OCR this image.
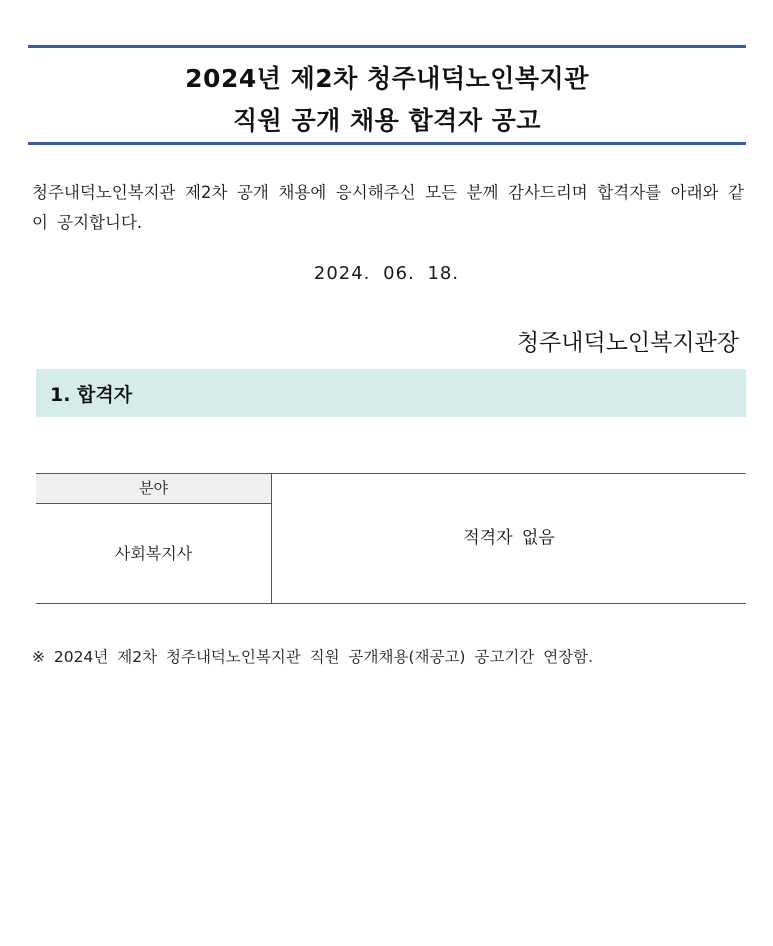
2024년 제2차 청주내덕노인복지관
직원 공개 채용 합격자 공고
청주내덕노인복지관 제2차 공개 채용에 응시해주신 모든 분께 감사드리며 합격자를 아래와 같이 공지합니다.
2024. 06. 18.
청주내덕노인복지관장
1. 합격자
분야
사회복지사
적격자 없음
※ 2024년 제2차 청주내덕노인복지관 직원 공개채용(재공고) 공고기간 연장함.
